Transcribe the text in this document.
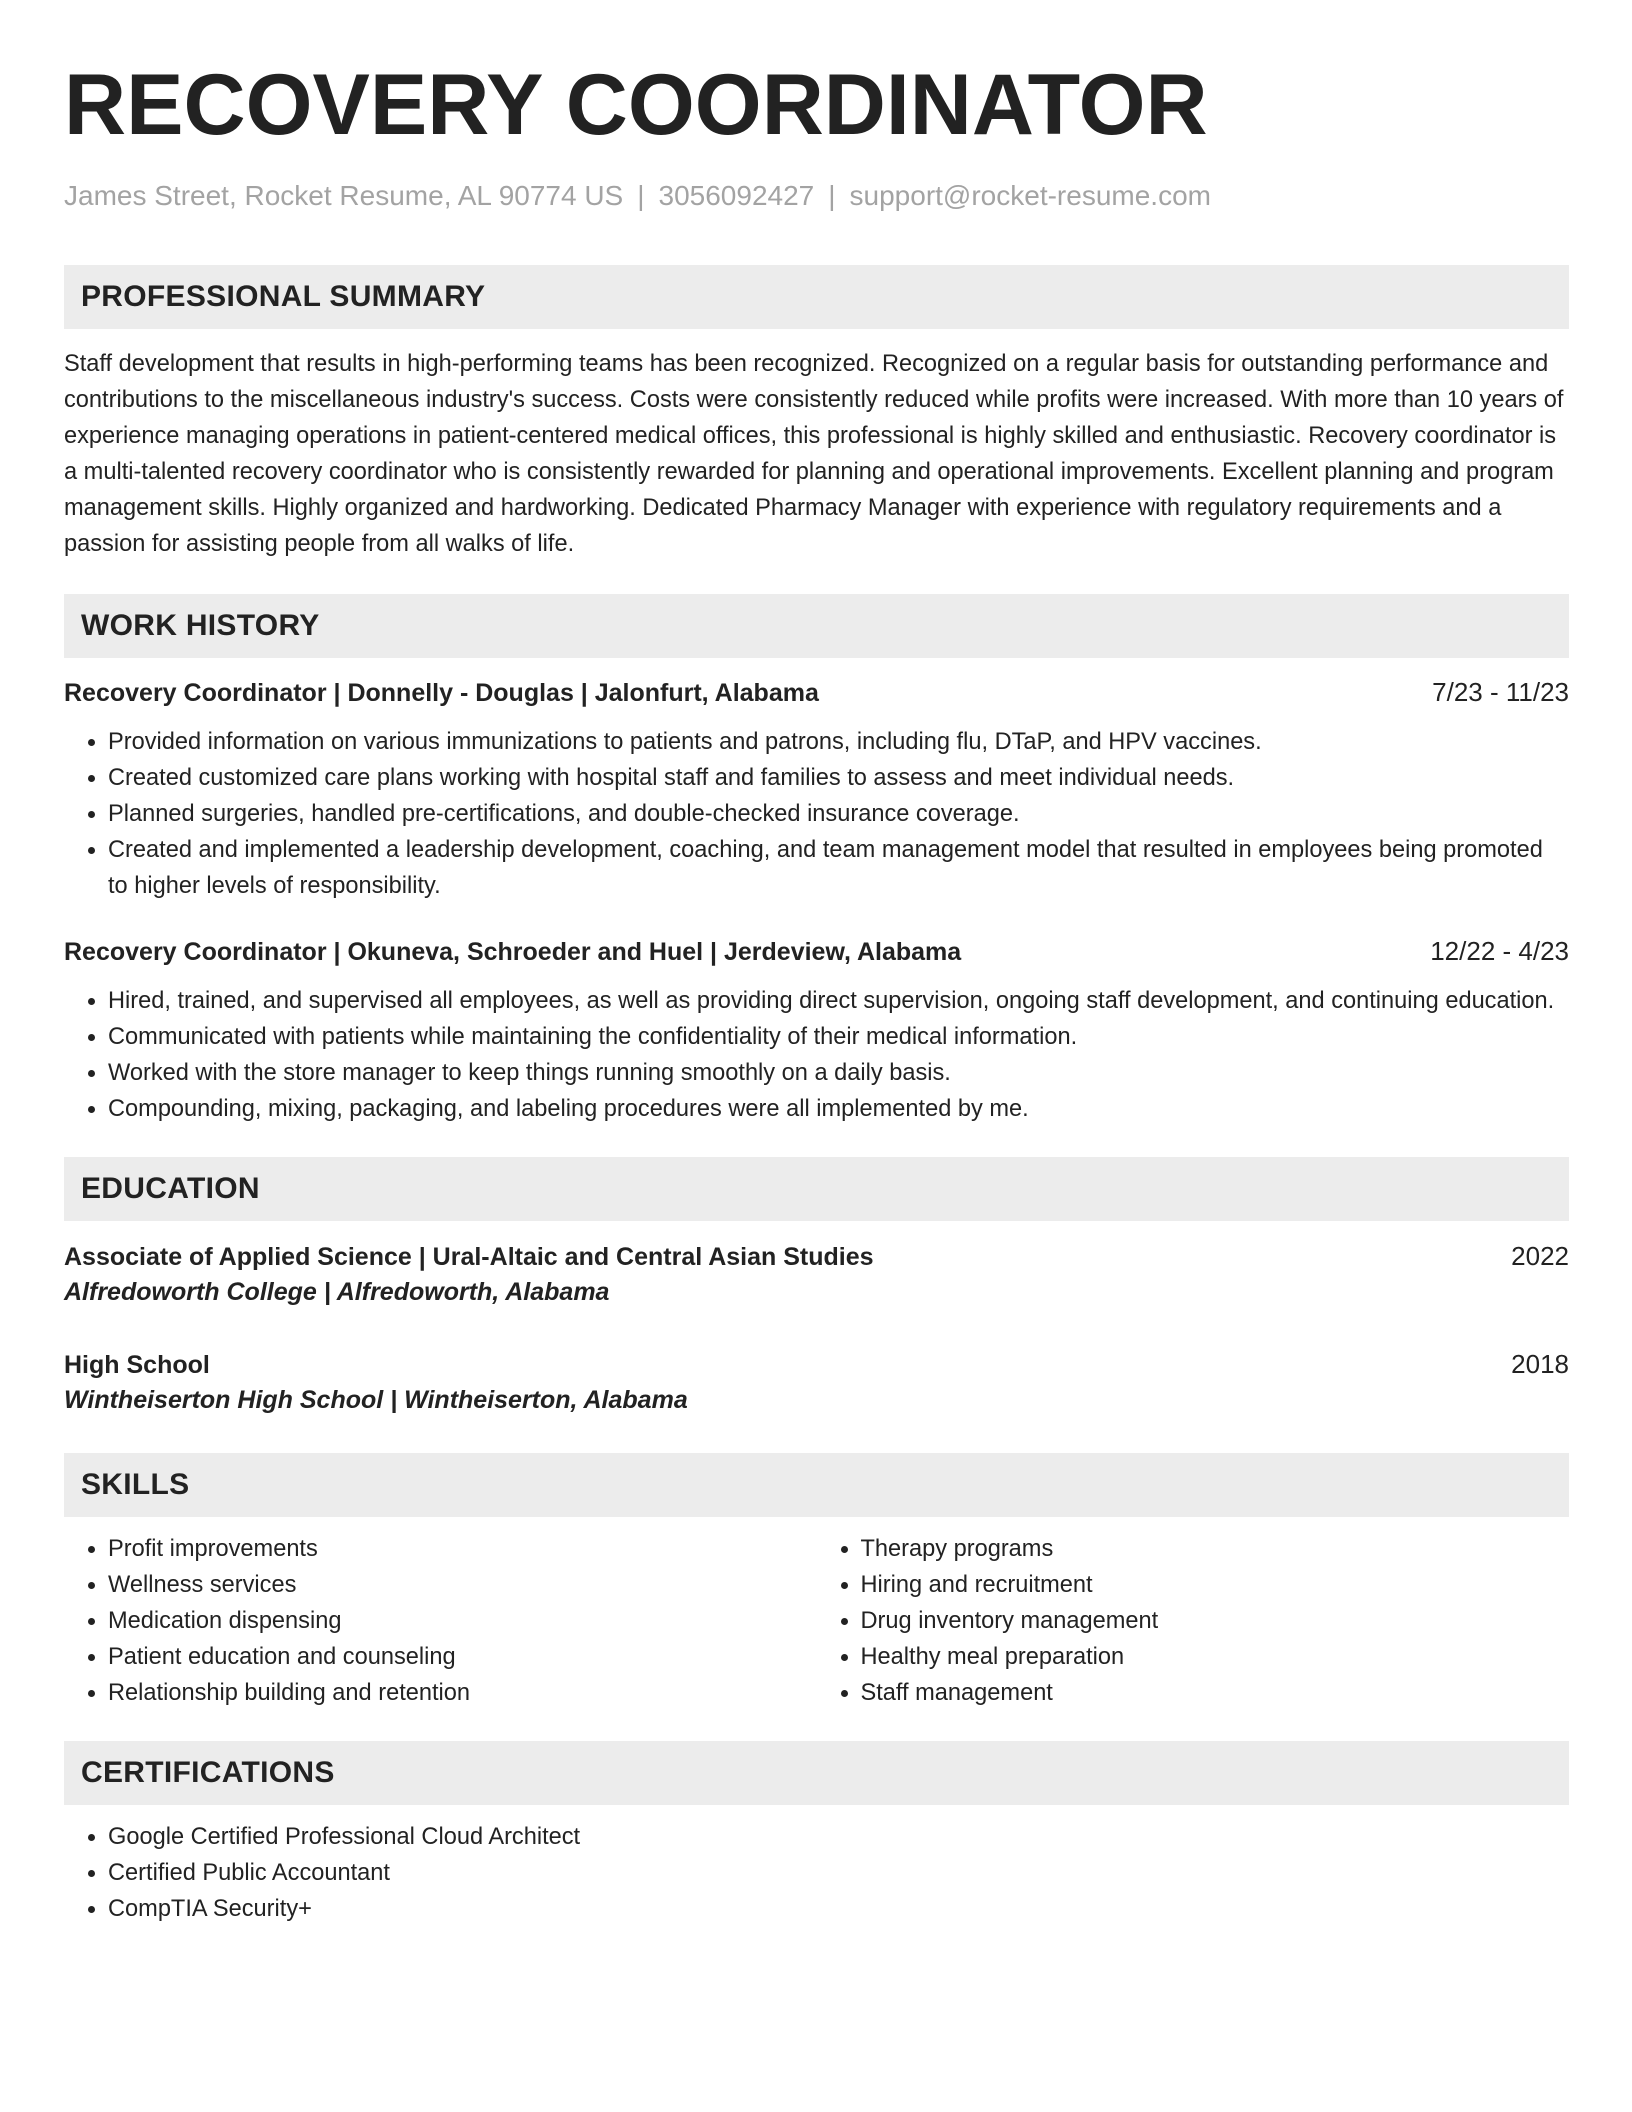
RECOVERY COORDINATOR
James Street, Rocket Resume, AL 90774 US | 3056092427 | support@rocket-resume.com
PROFESSIONAL SUMMARY
Staff development that results in high-performing teams has been recognized. Recognized on a regular basis for outstanding performance and contributions to the miscellaneous industry's success. Costs were consistently reduced while profits were increased. With more than 10 years of experience managing operations in patient-centered medical offices, this professional is highly skilled and enthusiastic. Recovery coordinator is a multi-talented recovery coordinator who is consistently rewarded for planning and operational improvements. Excellent planning and program management skills. Highly organized and hardworking. Dedicated Pharmacy Manager with experience with regulatory requirements and a passion for assisting people from all walks of life.
WORK HISTORY
Recovery Coordinator | Donnelly - Douglas | Jalonfurt, Alabama	7/23 - 11/23
• Provided information on various immunizations to patients and patrons, including flu, DTaP, and HPV vaccines.
• Created customized care plans working with hospital staff and families to assess and meet individual needs.
• Planned surgeries, handled pre-certifications, and double-checked insurance coverage.
• Created and implemented a leadership development, coaching, and team management model that resulted in employees being promoted to higher levels of responsibility.
Recovery Coordinator | Okuneva, Schroeder and Huel | Jerdeview, Alabama	12/22 - 4/23
• Hired, trained, and supervised all employees, as well as providing direct supervision, ongoing staff development, and continuing education.
• Communicated with patients while maintaining the confidentiality of their medical information.
• Worked with the store manager to keep things running smoothly on a daily basis.
• Compounding, mixing, packaging, and labeling procedures were all implemented by me.
EDUCATION
Associate of Applied Science | Ural-Altaic and Central Asian Studies	2022
Alfredoworth College | Alfredoworth, Alabama
High School	2018
Wintheiserton High School | Wintheiserton, Alabama
SKILLS
• Profit improvements
• Wellness services
• Medication dispensing
• Patient education and counseling
• Relationship building and retention
• Therapy programs
• Hiring and recruitment
• Drug inventory management
• Healthy meal preparation
• Staff management
CERTIFICATIONS
• Google Certified Professional Cloud Architect
• Certified Public Accountant
• CompTIA Security+
